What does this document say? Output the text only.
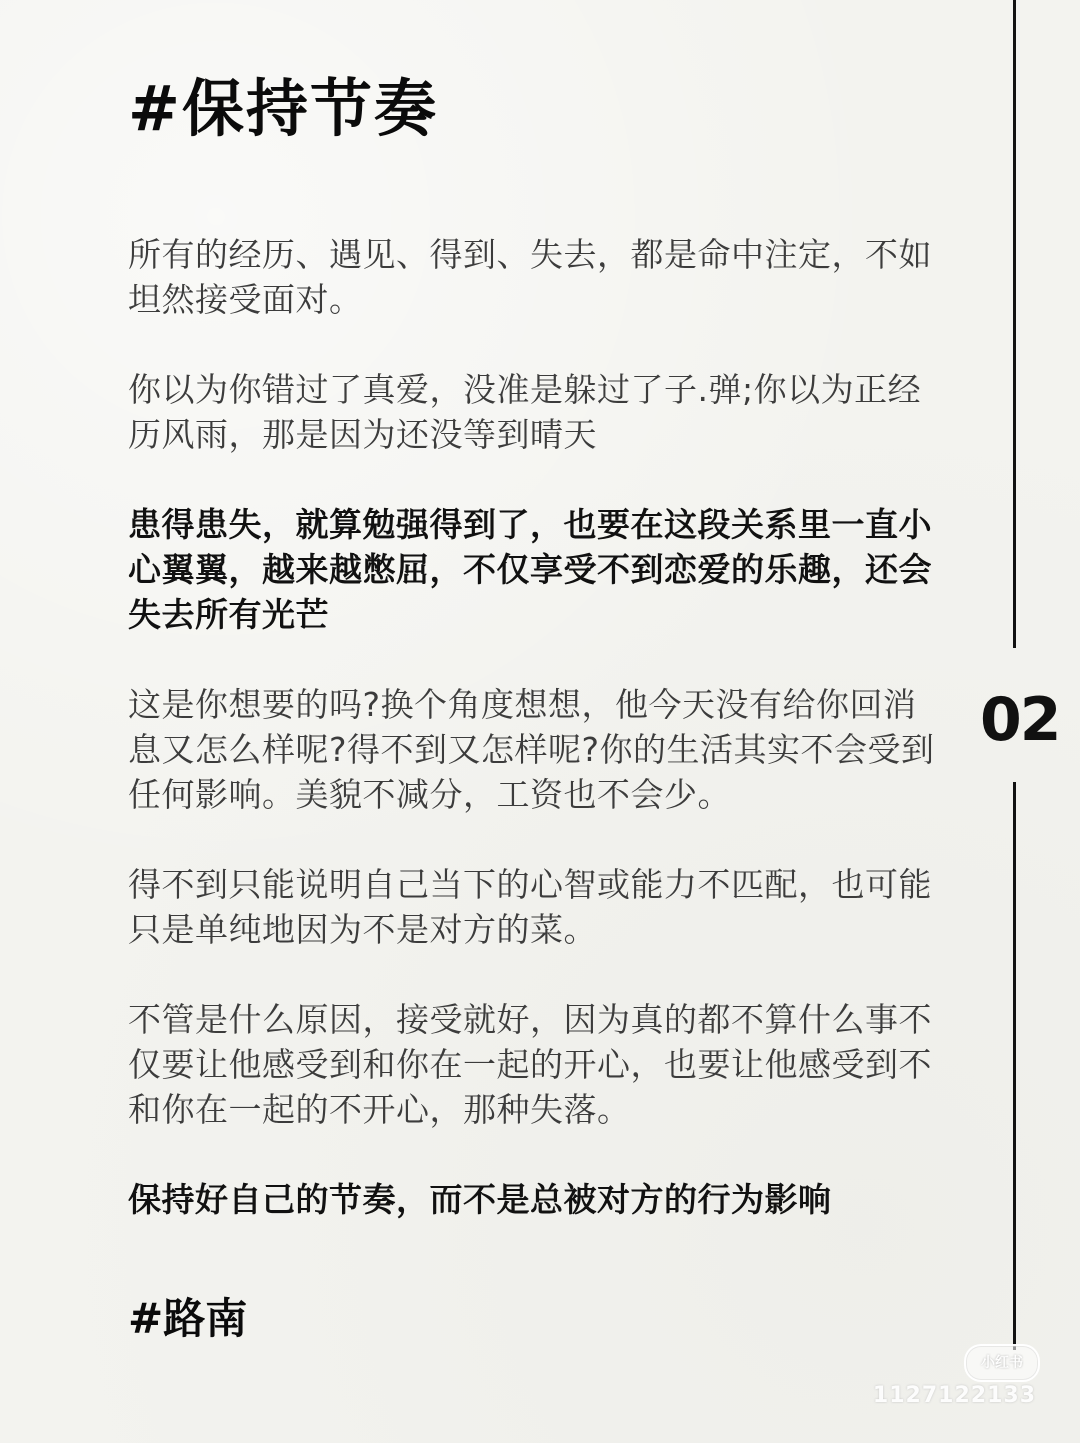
#保持节奏

所有的经历、遇见、得到、失去，都是命中注定，不如坦然接受面对。

你以为你错过了真爱，没准是躲过了子.弹;你以为正经历风雨，那是因为还没等到晴天

患得患失，就算勉强得到了，也要在这段关系里一直小心翼翼，越来越憋屈，不仅享受不到恋爱的乐趣，还会失去所有光芒

这是你想要的吗?换个角度想想，他今天没有给你回消息又怎么样呢?得不到又怎样呢?你的生活其实不会受到任何影响。美貌不减分，工资也不会少。

得不到只能说明自己当下的心智或能力不匹配，也可能只是单纯地因为不是对方的菜。

不管是什么原因，接受就好，因为真的都不算什么事不仅要让他感受到和你在一起的开心，也要让他感受到不和你在一起的不开心，那种失落。

保持好自己的节奏，而不是总被对方的行为影响

#路南
02
小红书
1127122133
